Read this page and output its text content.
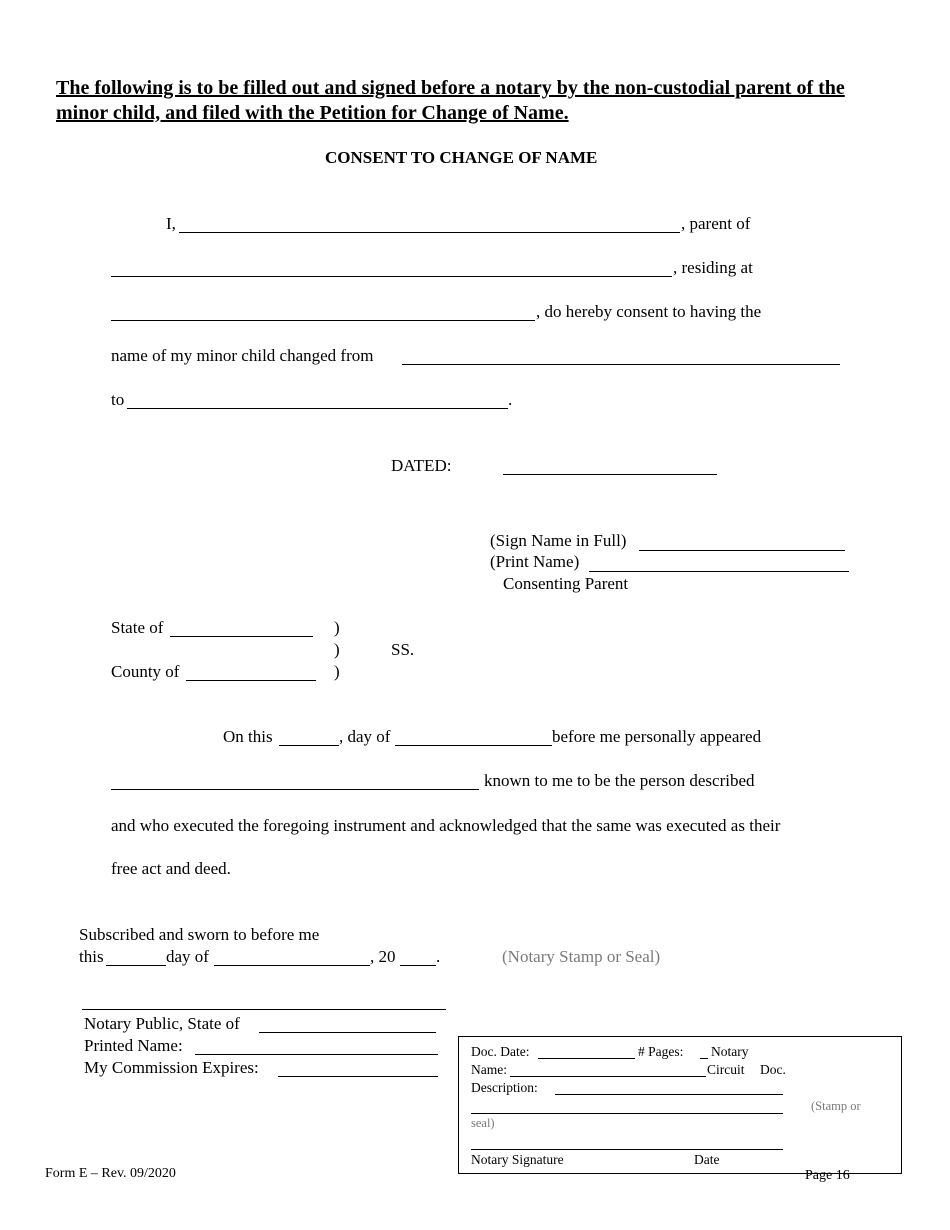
The following is to be filled out and signed before a notary by the non-custodial parent of the minor child, and filed with the Petition for Change of Name.
CONSENT TO CHANGE OF NAME
I,	, parent of
, residing at
, do hereby consent to having the
name of my minor child changed from
to	.
DATED:
(Sign Name in Full)
(Print Name)
Consenting Parent
State of	)
)	SS.
County of	)
On this	, day of	before me personally appeared
known to me to be the person described
and who executed the foregoing instrument and acknowledged that the same was executed as their
free act and deed.
Subscribed and sworn to before me
this	day of	, 20 .	(Notary Stamp or Seal)
Notary Public, State of
Printed Name:
My Commission Expires:
Doc. Date:	# Pages: Notary
Name:	Circuit Doc.
Description:
(Stamp or
seal)
Notary Signature	Date
Form E – Rev. 09/2020	Page 16
